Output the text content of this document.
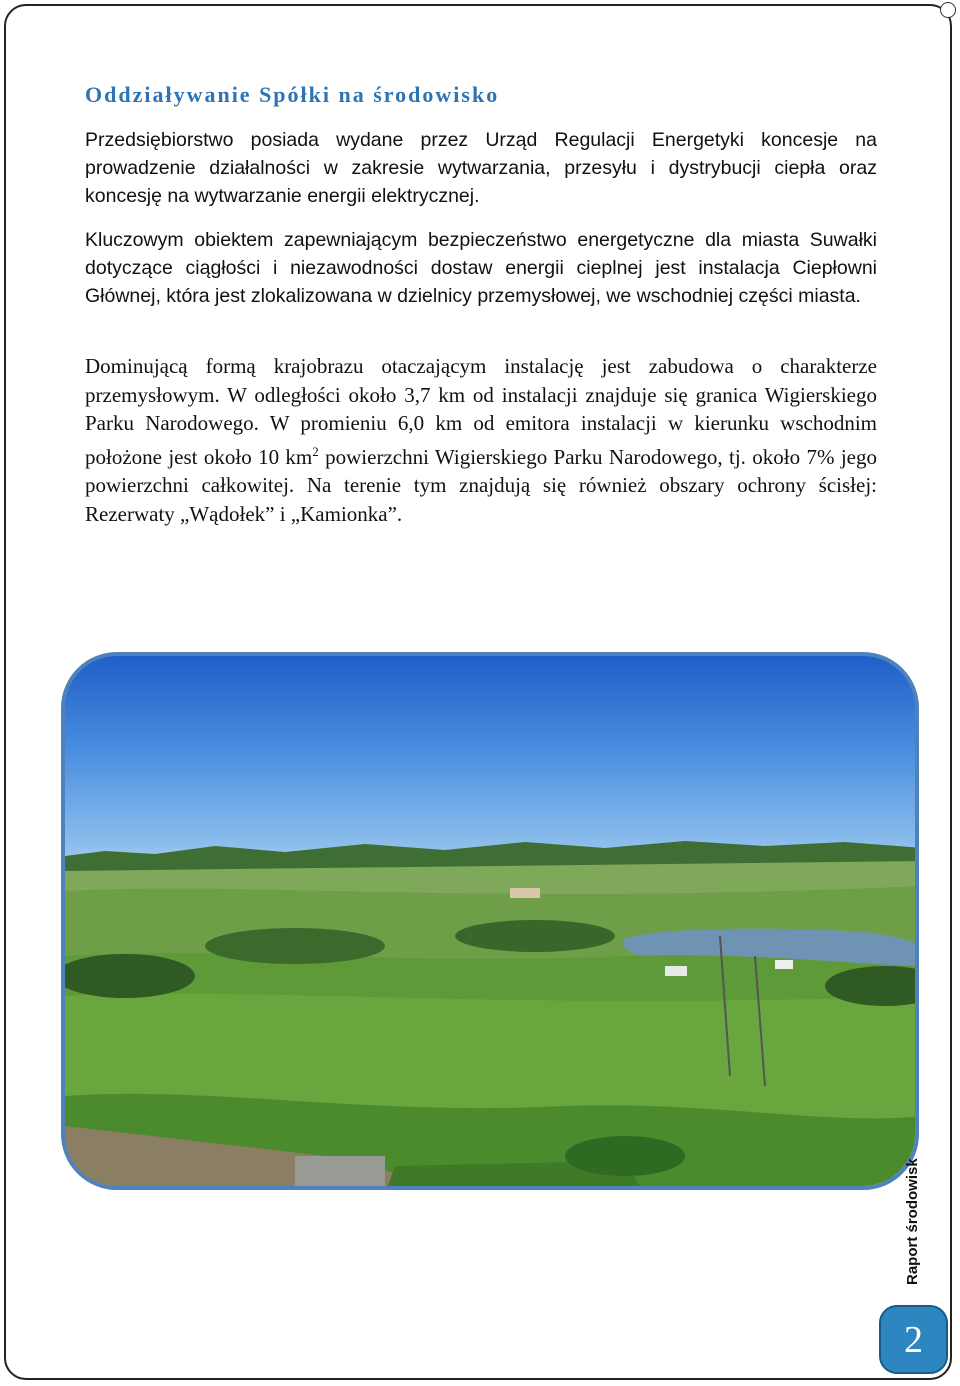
Oddziaływanie Spółki na środowisko
Przedsiębiorstwo posiada wydane przez Urząd Regulacji Energetyki koncesje na prowadzenie działalności w zakresie wytwarzania, przesyłu i dystrybucji ciepła oraz koncesję na wytwarzanie energii elektrycznej.
Kluczowym obiektem zapewniającym bezpieczeństwo energetyczne dla miasta Suwałki dotyczące ciągłości i niezawodności dostaw energii cieplnej jest instalacja Ciepłowni Głównej, która jest zlokalizowana w dzielnicy przemysłowej, we wschodniej części miasta.
Dominującą formą krajobrazu otaczającym instalację jest zabudowa o charakterze przemysłowym. W odległości około 3,7 km od instalacji znajduje się granica Wigierskiego Parku Narodowego. W promieniu 6,0 km od emitora instalacji w kierunku wschodnim położone jest około 10 $km^2$ powierzchni Wigierskiego Parku Narodowego, tj. około 7% jego powierzchni całkowitej. Na terenie tym znajdują się również obszary ochrony ścisłej: Rezerwaty „Wądołek” i „Kamionka”.
Raport środowisk
2
